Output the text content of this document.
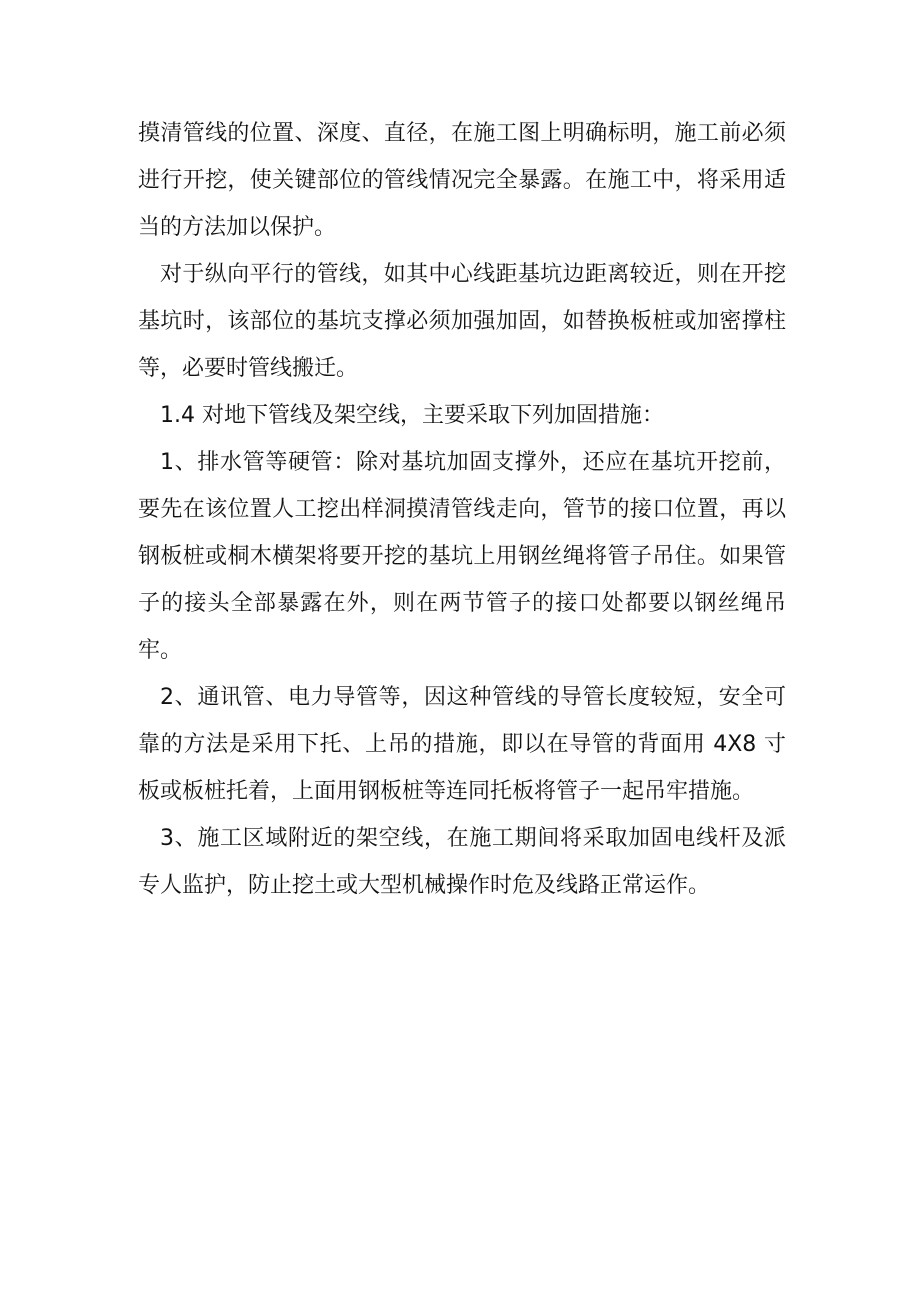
摸清管线的位置、深度、直径，在施工图上明确标明，施工前必须进行开挖，使关键部位的管线情况完全暴露。在施工中，将采用适当的方法加以保护。

对于纵向平行的管线，如其中心线距基坑边距离较近，则在开挖基坑时，该部位的基坑支撑必须加强加固，如替换板桩或加密撑柱等，必要时管线搬迁。

1.4 对地下管线及架空线，主要采取下列加固措施：

1、排水管等硬管：除对基坑加固支撑外，还应在基坑开挖前，要先在该位置人工挖出样洞摸清管线走向，管节的接口位置，再以钢板桩或桐木横架将要开挖的基坑上用钢丝绳将管子吊住。如果管子的接头全部暴露在外，则在两节管子的接口处都要以钢丝绳吊牢。

2、通讯管、电力导管等，因这种管线的导管长度较短，安全可靠的方法是采用下托、上吊的措施，即以在导管的背面用 4X8 寸板或板桩托着，上面用钢板桩等连同托板将管子一起吊牢措施。

3、施工区域附近的架空线，在施工期间将采取加固电线杆及派专人监护，防止挖土或大型机械操作时危及线路正常运作。
